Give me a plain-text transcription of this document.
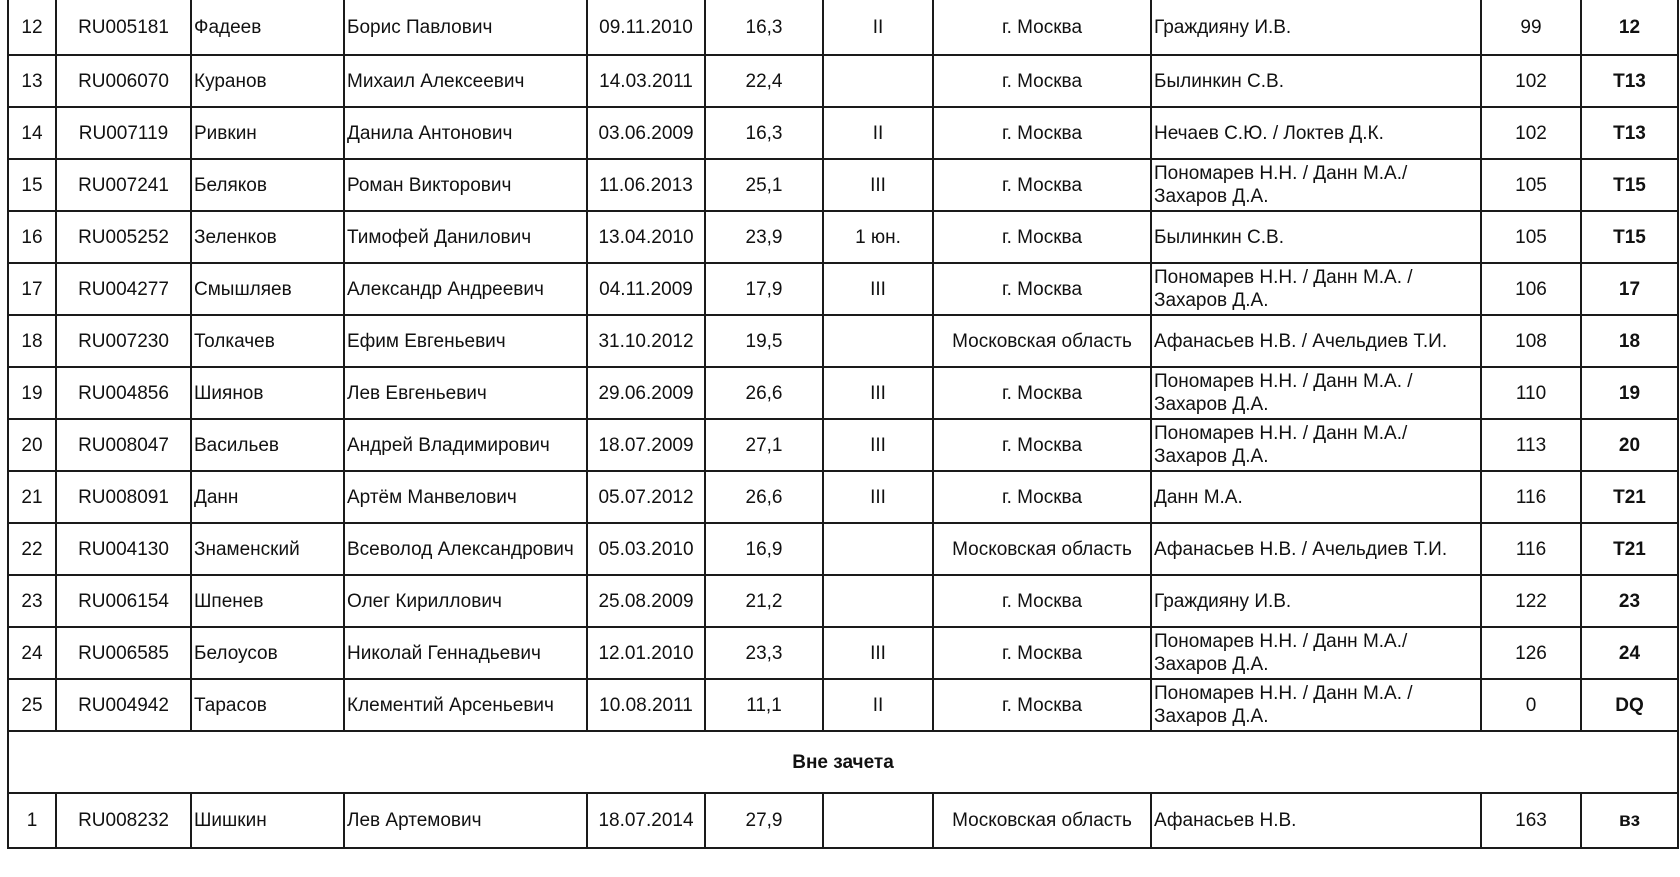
12	RU005181	Фадеев	Борис Павлович	09.11.2010	16,3	II	г. Москва	Граждияну И.В.	99	12
13	RU006070	Куранов	Михаил Алексеевич	14.03.2011	22,4		г. Москва	Былинкин С.В.	102	Т13
14	RU007119	Ривкин	Данила Антонович	03.06.2009	16,3	II	г. Москва	Нечаев С.Ю. / Локтев Д.К.	102	Т13
15	RU007241	Беляков	Роман Викторович	11.06.2013	25,1	III	г. Москва	Пономарев Н.Н. / Данн М.А./ Захаров Д.А.	105	Т15
16	RU005252	Зеленков	Тимофей Данилович	13.04.2010	23,9	1 юн.	г. Москва	Былинкин С.В.	105	Т15
17	RU004277	Смышляев	Александр Андреевич	04.11.2009	17,9	III	г. Москва	Пономарев Н.Н. / Данн М.А. / Захаров Д.А.	106	17
18	RU007230	Толкачев	Ефим Евгеньевич	31.10.2012	19,5		Московская область	Афанасьев Н.В. / Ачельдиев Т.И.	108	18
19	RU004856	Шиянов	Лев Евгеньевич	29.06.2009	26,6	III	г. Москва	Пономарев Н.Н. / Данн М.А. / Захаров Д.А.	110	19
20	RU008047	Васильев	Андрей Владимирович	18.07.2009	27,1	III	г. Москва	Пономарев Н.Н. / Данн М.А./ Захаров Д.А.	113	20
21	RU008091	Данн	Артём Манвелович	05.07.2012	26,6	III	г. Москва	Данн М.А.	116	Т21
22	RU004130	Знаменский	Всеволод Александрович	05.03.2010	16,9		Московская область	Афанасьев Н.В. / Ачельдиев Т.И.	116	Т21
23	RU006154	Шпенев	Олег Кириллович	25.08.2009	21,2		г. Москва	Граждияну И.В.	122	23
24	RU006585	Белоусов	Николай Геннадьевич	12.01.2010	23,3	III	г. Москва	Пономарев Н.Н. / Данн М.А./ Захаров Д.А.	126	24
25	RU004942	Тарасов	Клементий Арсеньевич	10.08.2011	11,1	II	г. Москва	Пономарев Н.Н. / Данн М.А. / Захаров Д.А.	0	DQ
Вне зачета										
1	RU008232	Шишкин	Лев Артемович	18.07.2014	27,9		Московская область	Афанасьев Н.В.	163	вз
